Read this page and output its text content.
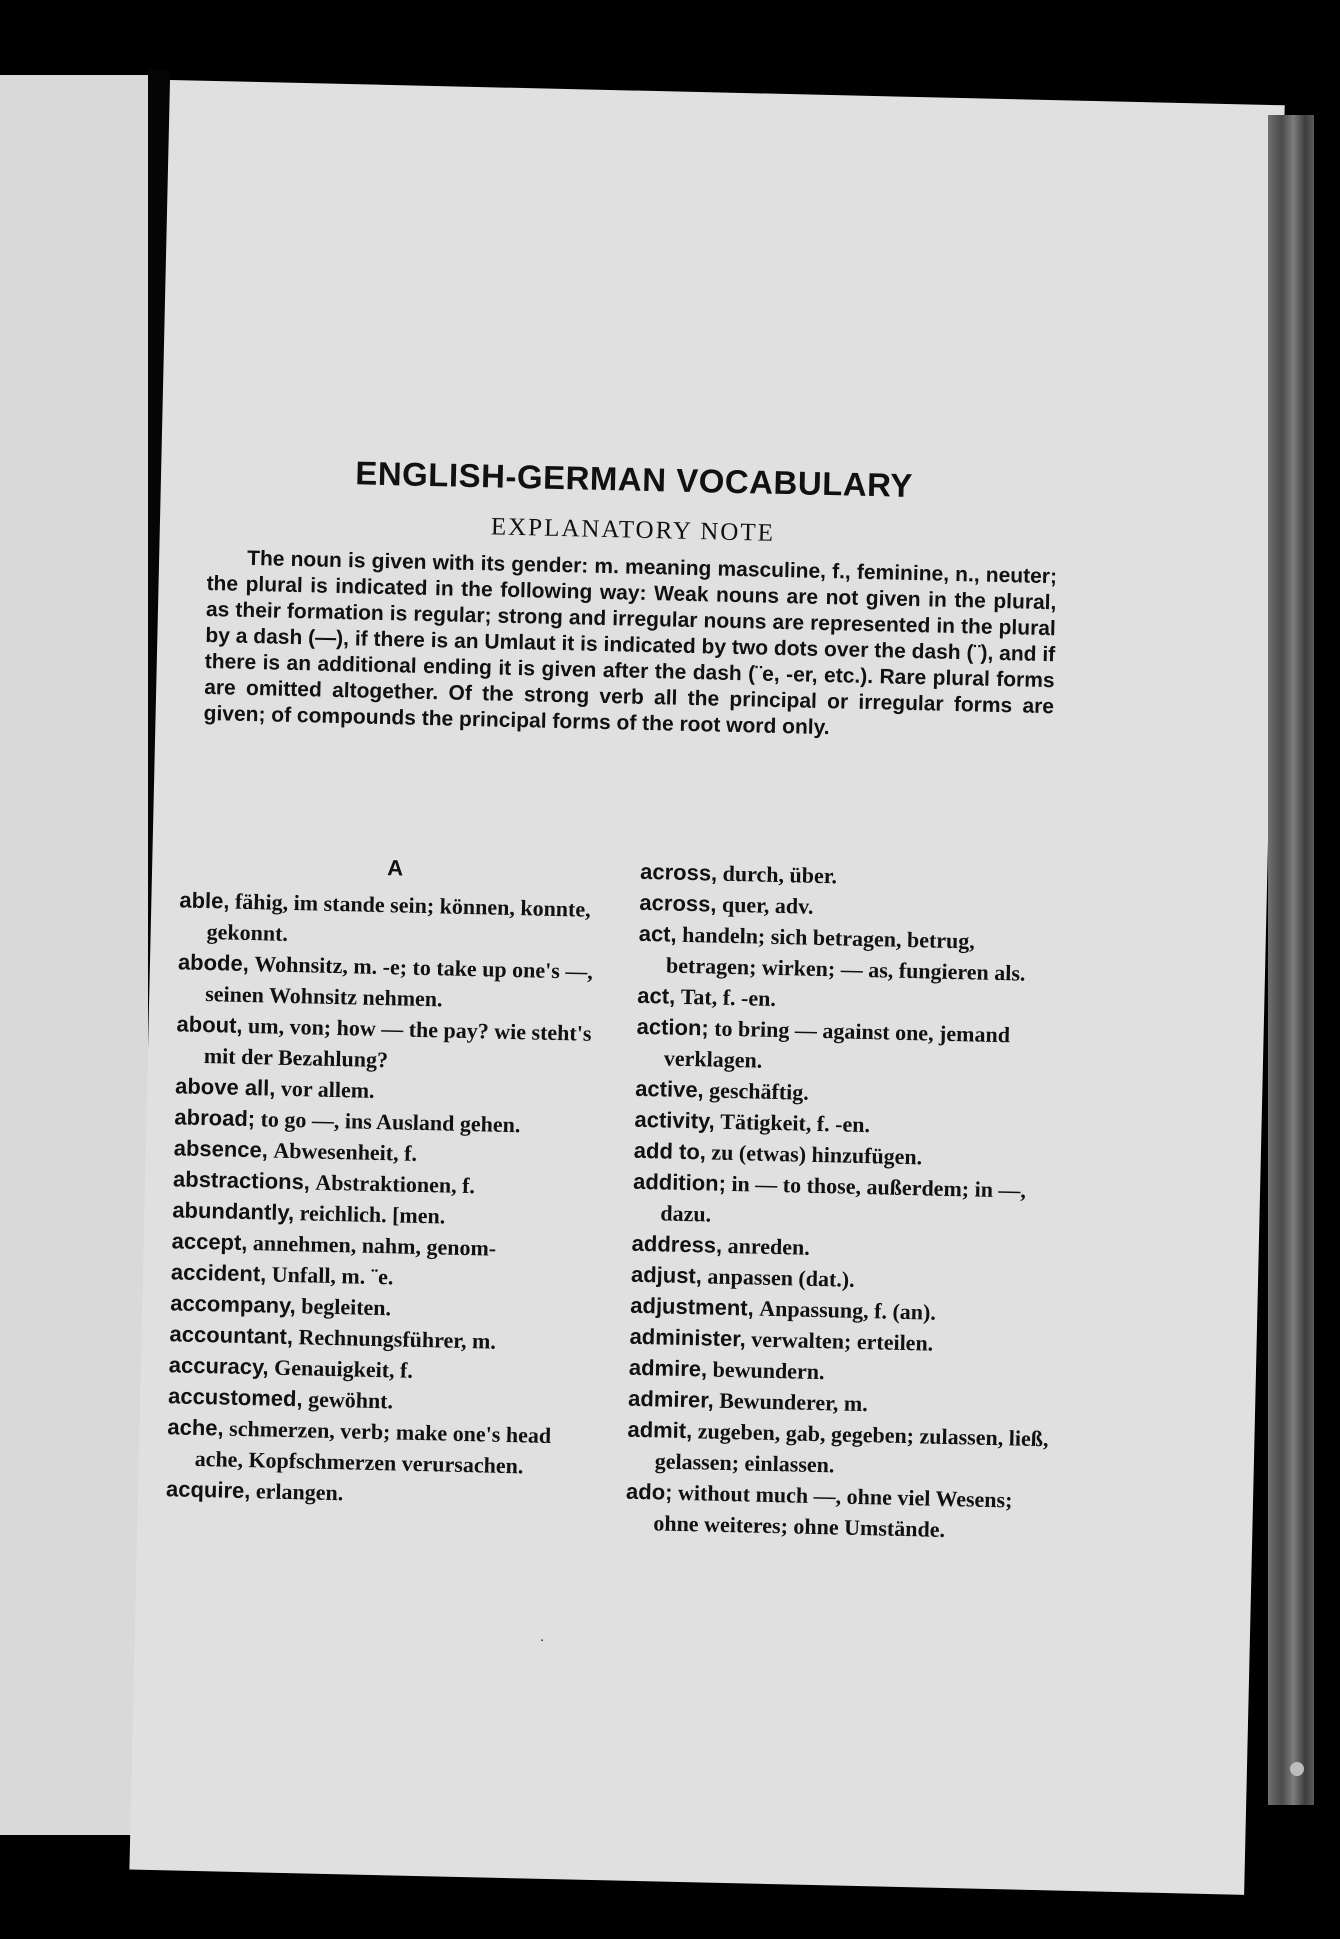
ENGLISH-GERMAN VOCABULARY
EXPLANATORY NOTE

The noun is given with its gender: m. meaning masculine, f., feminine, n., neuter; the plural is indicated in the following way: Weak nouns are not given in the plural, as their formation is regular; strong and irregular nouns are represented in the plural by a dash (—), if there is an Umlaut it is indicated by two dots over the dash (¨), and if there is an additional ending it is given after the dash (¨e, -er, etc.). Rare plural forms are omitted altogether. Of the strong verb all the principal or irregular forms are given; of compounds the principal forms of the root word only.

A

able, fähig, im stande sein; können, konnte, gekonnt.

abode, Wohnsitz, m. -e; to take up one's —, seinen Wohnsitz nehmen.

about, um, von; how — the pay? wie steht's mit der Bezahlung?

above all, vor allem.

abroad; to go —, ins Ausland gehen.

absence, Abwesenheit, f.

abstractions, Abstraktionen, f.

abundantly, reichlich. [men.

accept, annehmen, nahm, genom-

accident, Unfall, m. ¨e.

accompany, begleiten.

accountant, Rechnungsführer, m.

accuracy, Genauigkeit, f.

accustomed, gewöhnt.

ache, schmerzen, verb; make one's head ache, Kopfschmerzen verursachen.

acquire, erlangen.

across, durch, über.

across, quer, adv.

act, handeln; sich betragen, betrug, betragen; wirken; — as, fungieren als.

act, Tat, f. -en.

action; to bring — against one, jemand verklagen.

active, geschäftig.

activity, Tätigkeit, f. -en.

add to, zu (etwas) hinzufügen.

addition; in — to those, außerdem; in —, dazu.

address, anreden.

adjust, anpassen (dat.).

adjustment, Anpassung, f. (an).

administer, verwalten; erteilen.

admire, bewundern.

admirer, Bewunderer, m.

admit, zugeben, gab, gegeben; zulassen, ließ, gelassen; einlassen.

ado; without much —, ohne viel Wesens; ohne weiteres; ohne Umstände.

·
